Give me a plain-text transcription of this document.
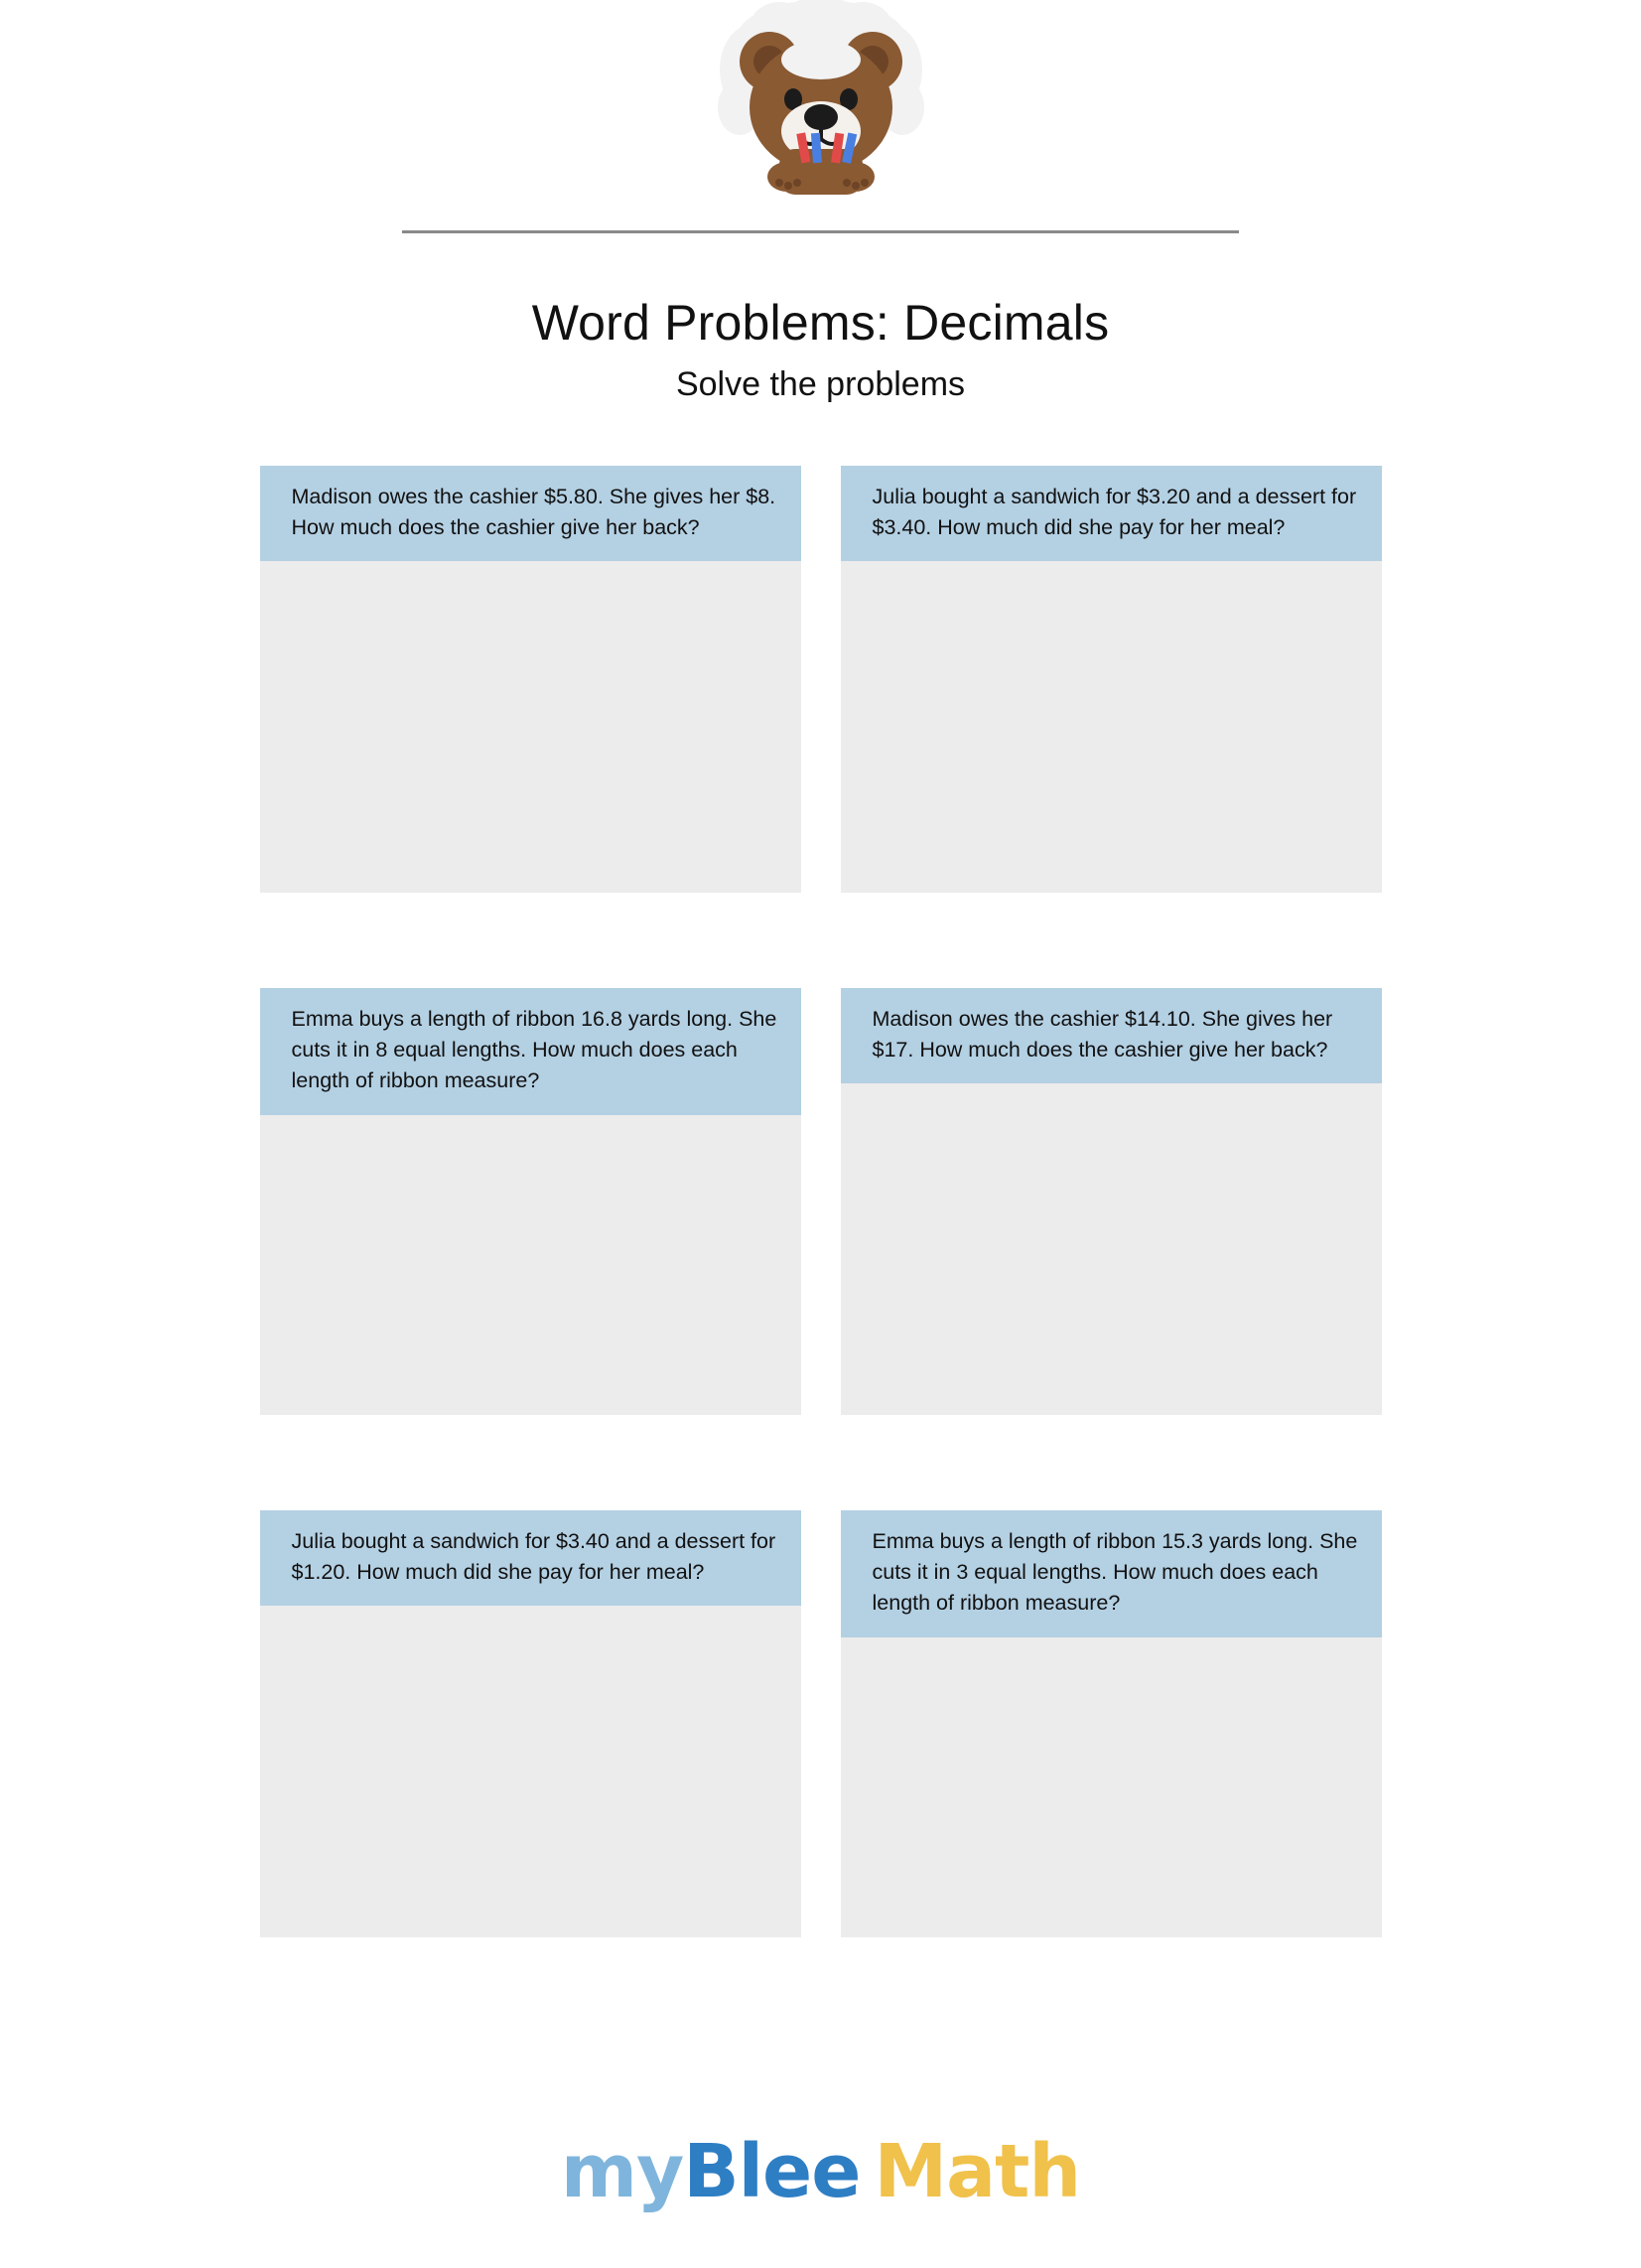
Word Problems: Decimals
Solve the problems
Madison owes the cashier $5.80. She gives her $8. How much does the cashier give her back?
Julia bought a sandwich for $3.20 and a dessert for $3.40. How much did she pay for her meal?
Emma buys a length of ribbon 16.8 yards long. She cuts it in 8 equal lengths. How much does each length of ribbon measure?
Madison owes the cashier $14.10. She gives her $17. How much does the cashier give her back?
Julia bought a sandwich for $3.40 and a dessert for $1.20. How much did she pay for her meal?
Emma buys a length of ribbon 15.3 yards long. She cuts it in 3 equal lengths. How much does each length of ribbon measure?
myBlee Math
